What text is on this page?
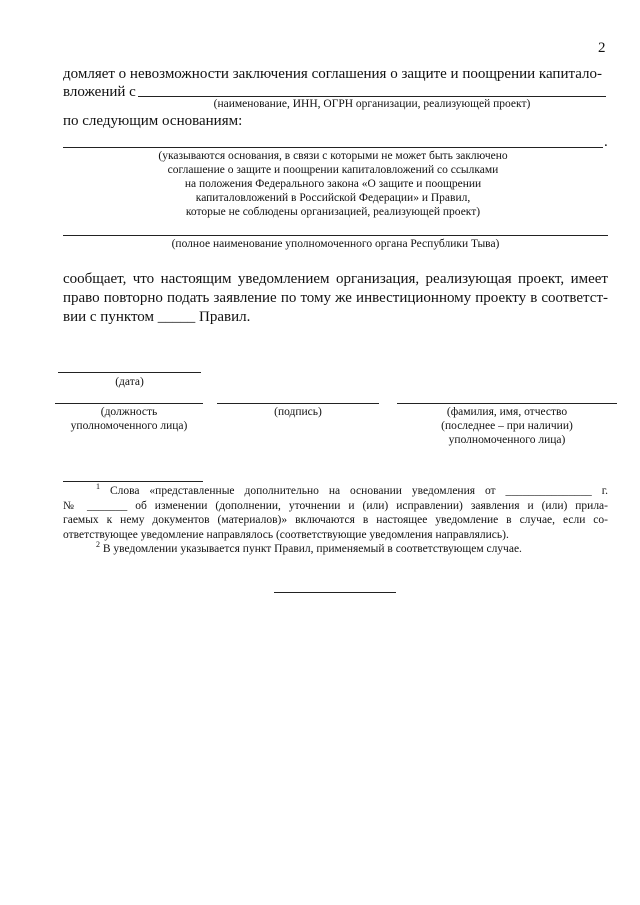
2
домляет о невозможности заключения соглашения о защите и поощрении капитало-
вложений с
(наименование, ИНН, ОГРН организации, реализующей проект)
по следующим основаниям:
.
(указываются основания, в связи с которыми не может быть заключено
соглашение о защите и поощрении капиталовложений со ссылками
на положения Федерального закона «О защите и поощрении
капиталовложений в Российской Федерации» и Правил,
которые не соблюдены организацией, реализующей проект)
(полное наименование уполномоченного органа Республики Тыва)
сообщает, что настоящим уведомлением организация, реализующая проект, имеет
право повторно подать заявление по тому же инвестиционному проекту в соответст-
вии с пунктом _____ Правил.
(дата)
(должность
уполномоченного лица)
(подпись)	(фамилия, имя, отчество
(последнее – при наличии)
уполномоченного лица)
$^1$ Слова «представленные дополнительно на основании уведомления от _______________ г.
№ _______ об изменении (дополнении, уточнении и (или) исправлении) заявления и (или) прила-
гаемых к нему документов (материалов)» включаются в настоящее уведомление в случае, если со-
ответствующее уведомление направлялось (соответствующие уведомления направлялись).
$^2$ В уведомлении указывается пункт Правил, применяемый в соответствующем случае.
